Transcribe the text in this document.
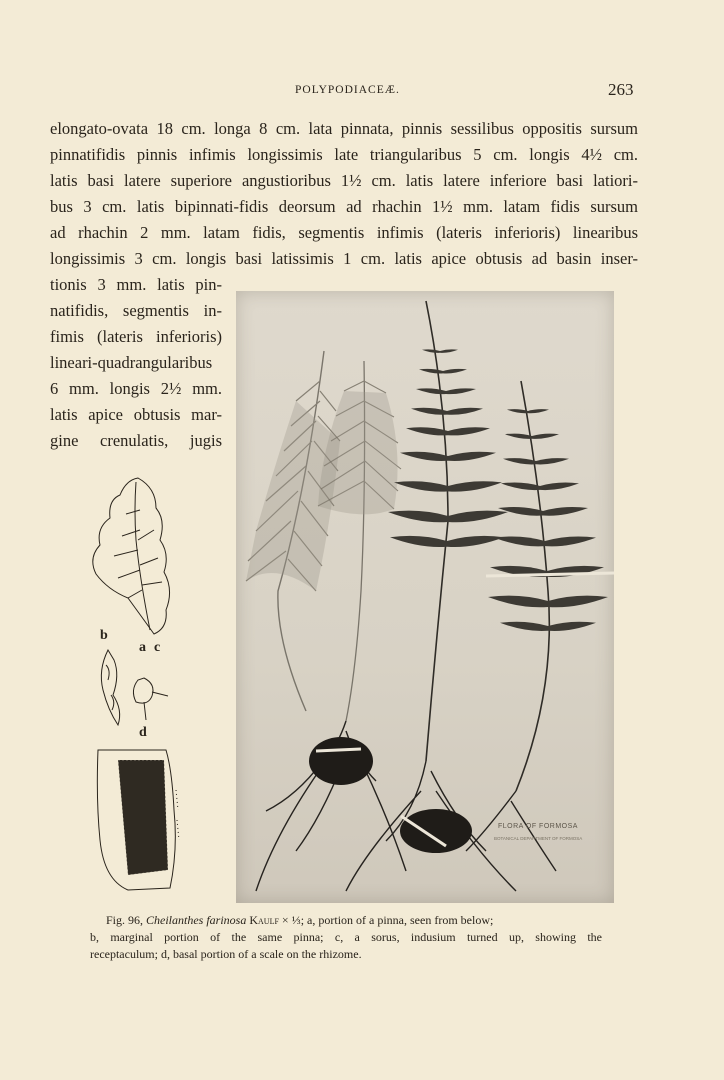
POLYPODIACEÆ.	263
elongato-ovata 18 cm. longa 8 cm. lata pinnata, pinnis sessilibus oppositis sursum
pinnatifidis pinnis infimis longissimis late triangularibus 5 cm. longis 4½ cm.
latis basi latere superiore angustioribus 1½ cm. latis latere inferiore basi latiori-
bus 3 cm. latis bipinnati-fidis deorsum ad rhachin 1½ mm. latam fidis sursum
ad rhachin 2 mm. latam fidis, segmentis infimis (lateris inferioris) linearibus
longissimis 3 cm. longis basi latissimis 1 cm. latis apice obtusis ad basin inser-
tionis 3 mm. latis pin-
natifidis, segmentis in-
fimis (lateris inferioris)
lineari-quadrangularibus
6 mm. longis 2½ mm.
latis apice obtusis mar-
gine crenulatis, jugis
FLORA OF FORMOSA
BOTANICAL DEPARTMENT OF FORMOSA
b
a c
d
Fig. 96, Cheilanthes farinosa Kaulf × ⅓; a, portion of a pinna, seen from below;
b, marginal portion of the same pinna; c, a sorus, indusium turned up, showing the
receptaculum; d, basal portion of a scale on the rhizome.
